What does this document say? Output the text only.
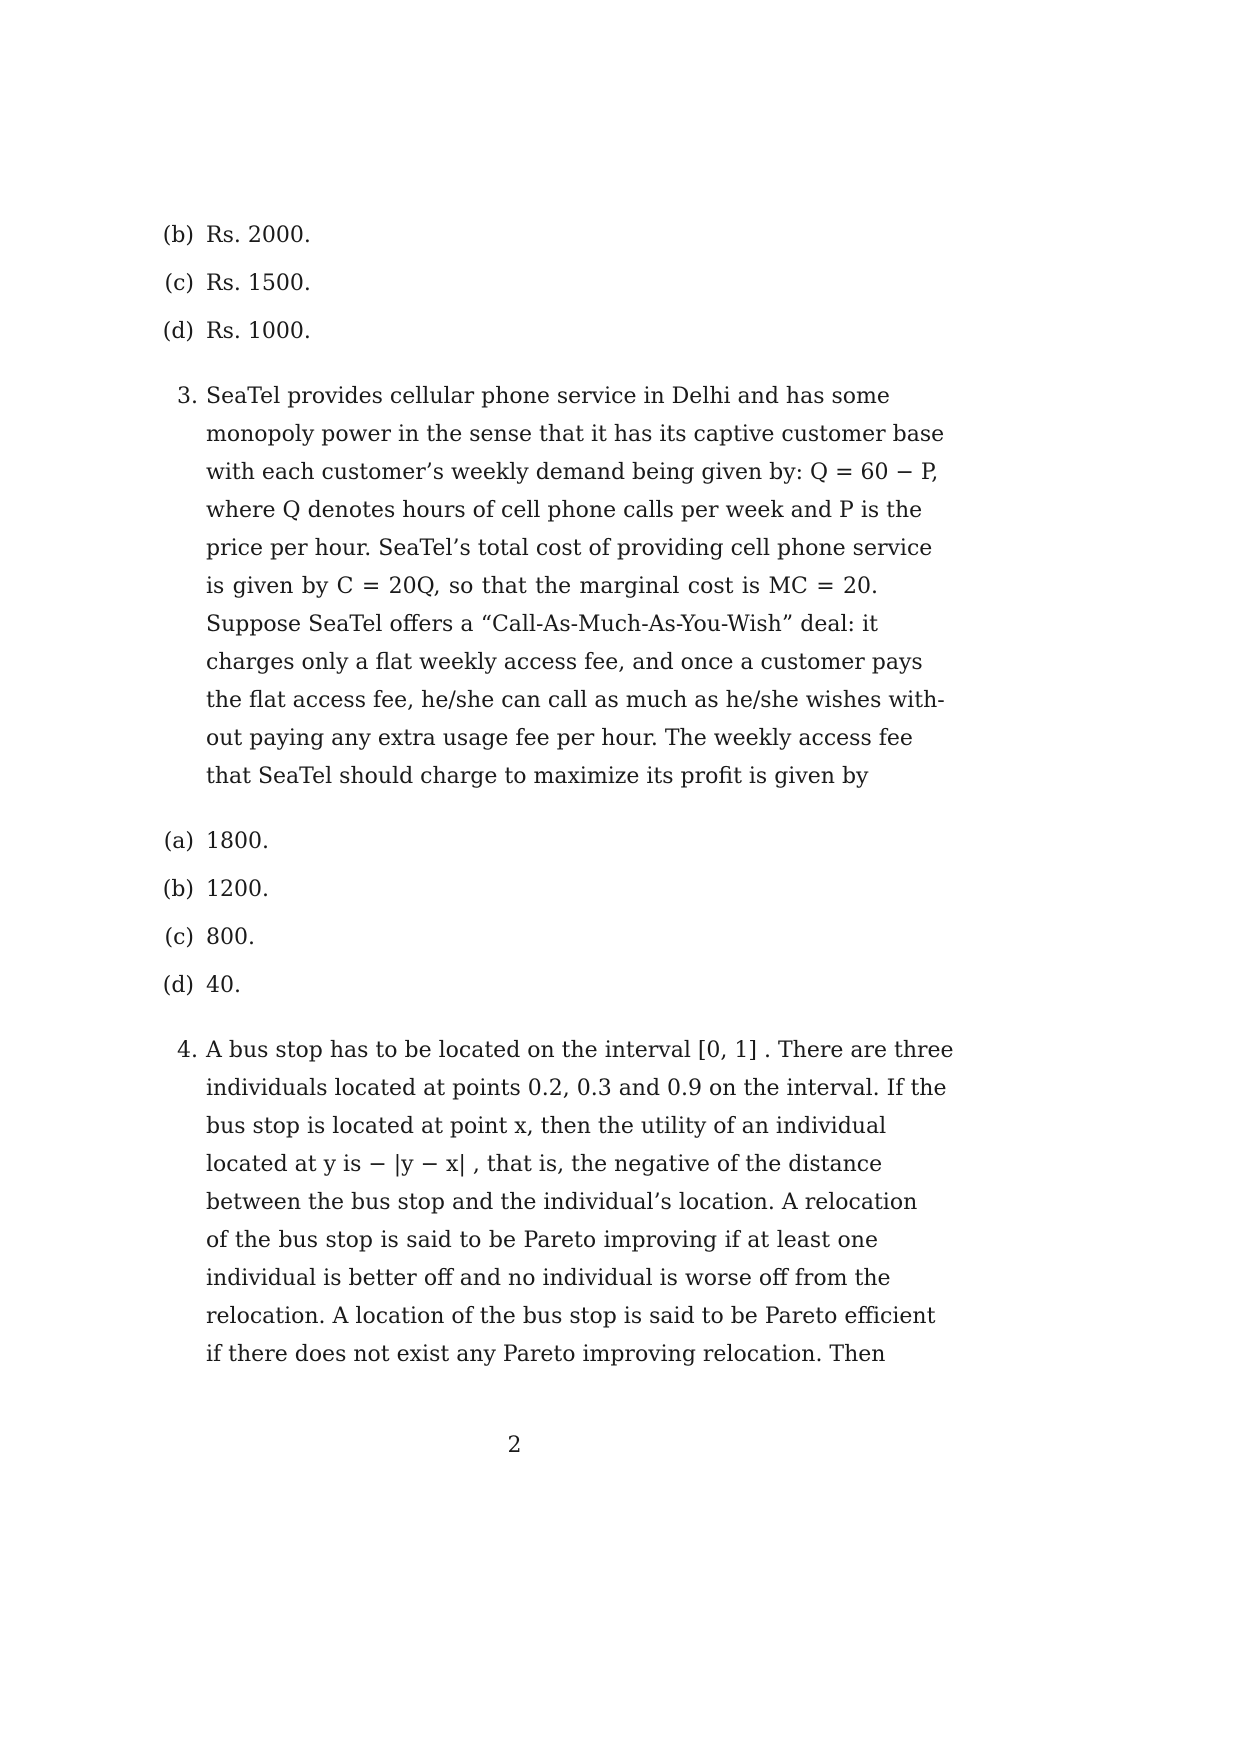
(b) Rs. 2000.
(c) Rs. 1500.
(d) Rs. 1000.
3. SeaTel provides cellular phone service in Delhi and has some
monopoly power in the sense that it has its captive customer base
with each customer’s weekly demand being given by: Q = 60 − P,
where Q denotes hours of cell phone calls per week and P is the
price per hour. SeaTel’s total cost of providing cell phone service
is given by C = 20Q, so that the marginal cost is MC = 20.
Suppose SeaTel offers a “Call-As-Much-As-You-Wish” deal: it
charges only a flat weekly access fee, and once a customer pays
the flat access fee, he/she can call as much as he/she wishes with-
out paying any extra usage fee per hour. The weekly access fee
that SeaTel should charge to maximize its profit is given by
(a) 1800.
(b) 1200.
(c) 800.
(d) 40.
4. A bus stop has to be located on the interval [0, 1] . There are three
individuals located at points 0.2, 0.3 and 0.9 on the interval. If the
bus stop is located at point x, then the utility of an individual
located at y is − |y − x| , that is, the negative of the distance
between the bus stop and the individual’s location. A relocation
of the bus stop is said to be Pareto improving if at least one
individual is better off and no individual is worse off from the
relocation. A location of the bus stop is said to be Pareto efficient
if there does not exist any Pareto improving relocation. Then
2
